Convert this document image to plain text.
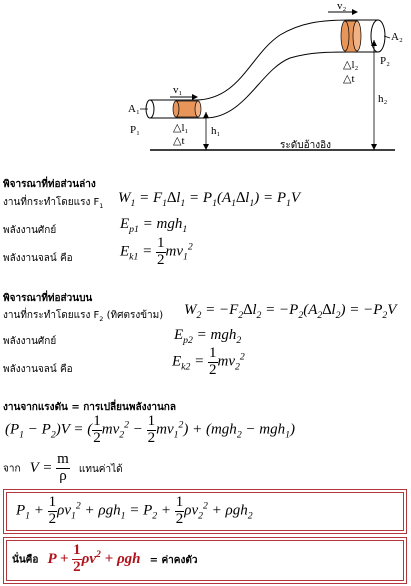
v₂
A₂
P₂
△l₂
△t
h₂
v₁
A₁
P₁	△l₁
△t
h₁
ระดับอ้างอิง
พิจารณาที่ท่อส่วนล่าง
งานที่กระทำโดยแรง $F_1$ $W_1 = F_1\Delta l_1 = P_1(A_1\Delta l_1) = P_1V$
พลังงานศักย์	$E_{p1} = mgh_1$
พลังงานจลน์ คือ	$E_{k1} = \frac{1}{2} mv_1^2$
พิจารณาที่ท่อส่วนบน
งานที่กระทำโดยแรง $F_2$ (ทิศตรงข้าม) $W_2 = -F_2\Delta l_2 = -P_2(A_2\Delta l_2) = -P_2V$
พลังงานศักย์	$E_{p2} = mgh_2$
พลังงานจลน์ คือ	$E_{k2} = \frac{1}{2} mv_2^2$
งานจากแรงดัน = การเปลี่ยนพลังงานกล
$(P_1 - P_2)V$ = ( $\frac{1}{2} mv_2^2 - \frac{1}{2} mv_1^2) + (mgh_2 - mgh_1)$
จาก $V = \frac{m}{\rho}$ แทนค่าได้
$P_1 + \frac{1}{2} \rho v_1^2 + \rho gh_1 = P_2 + \frac{1}{2} \rho v_2^2 + \rho gh_2$
นั่นคือ $P + \frac{1}{2} \rho v^2 + \rho gh$ = ค่าคงตัว
